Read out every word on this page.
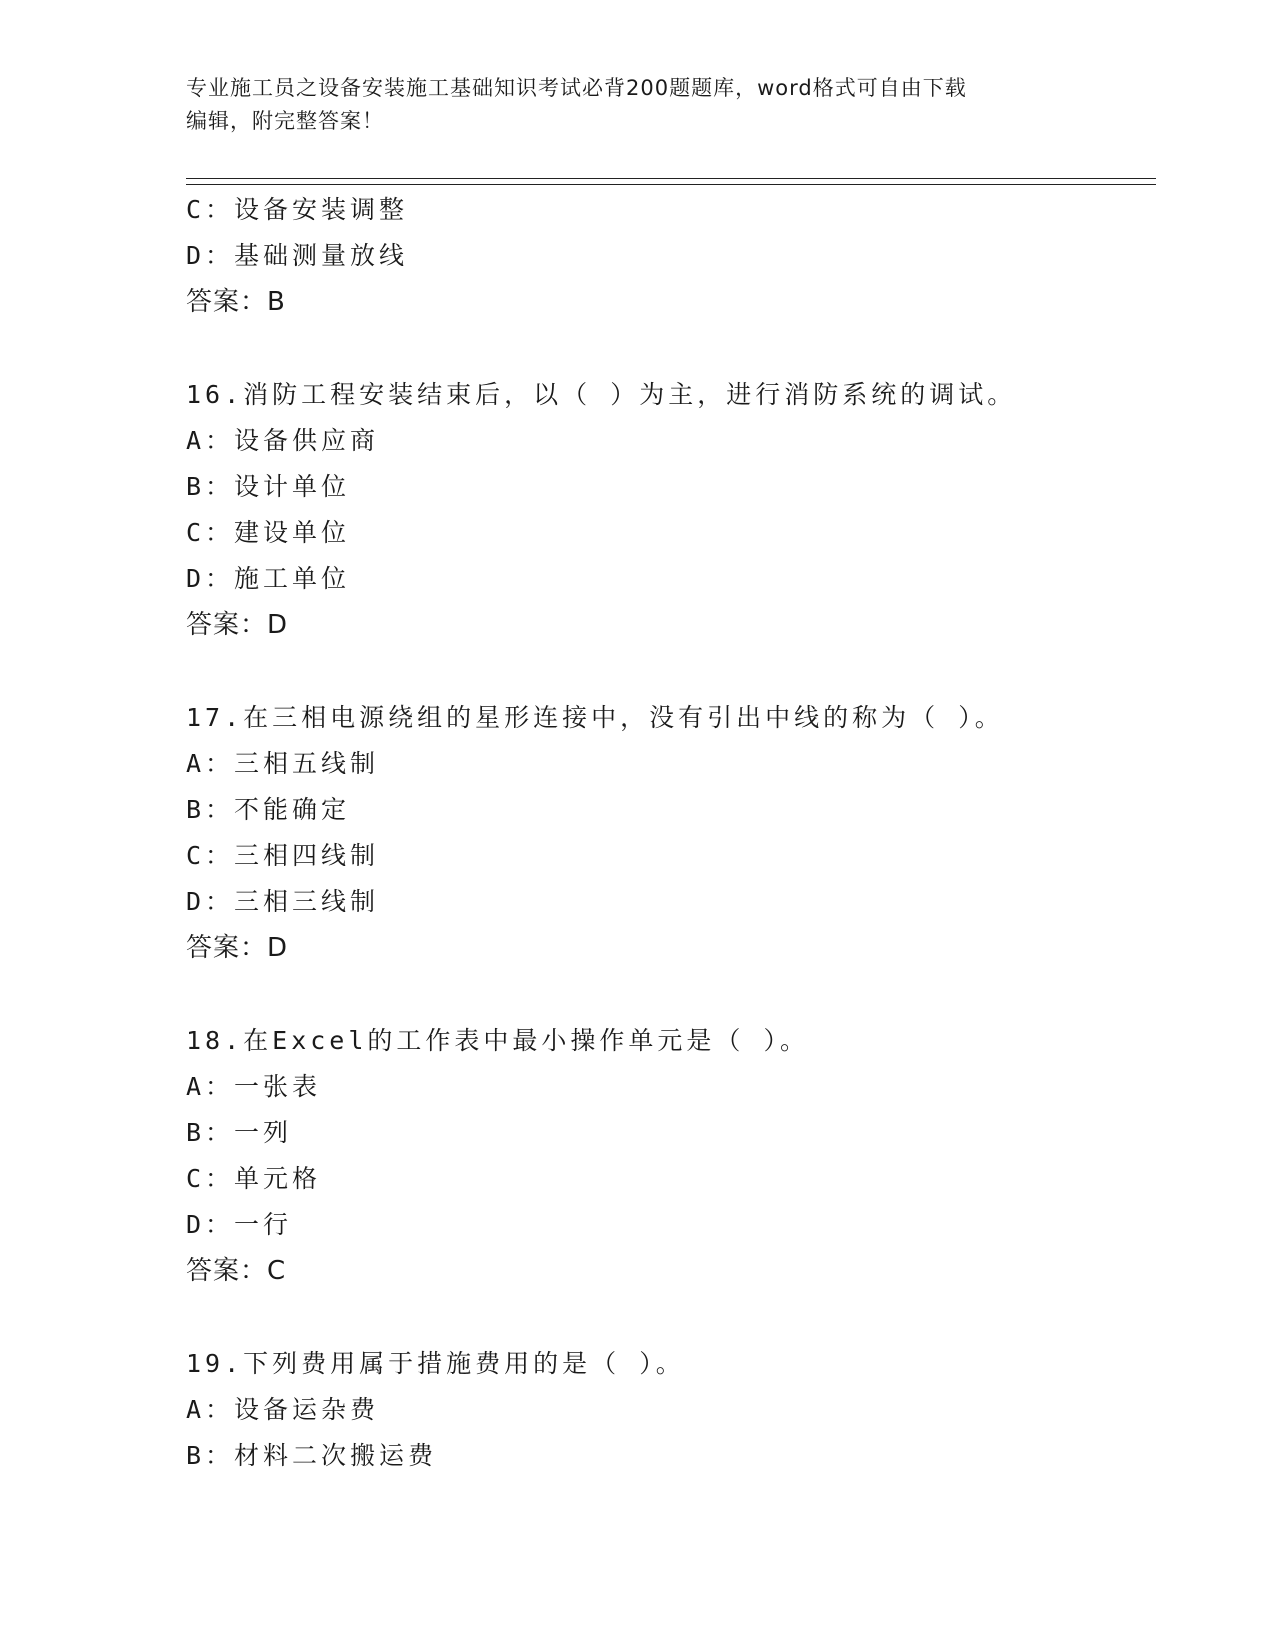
专业施工员之设备安装施工基础知识考试必背200题题库，word格式可自由下载
编辑，附完整答案！
C：设备安装调整
D：基础测量放线
答案：B
16.消防工程安装结束后，以（ ）为主，进行消防系统的调试。
A：设备供应商
B：设计单位
C：建设单位
D：施工单位
答案：D
17.在三相电源绕组的星形连接中，没有引出中线的称为（ ）。
A：三相五线制
B：不能确定
C：三相四线制
D：三相三线制
答案：D
18.在Excel的工作表中最小操作单元是（ ）。
A：一张表
B：一列
C：单元格
D：一行
答案：C
19.下列费用属于措施费用的是（ ）。
A：设备运杂费
B：材料二次搬运费
